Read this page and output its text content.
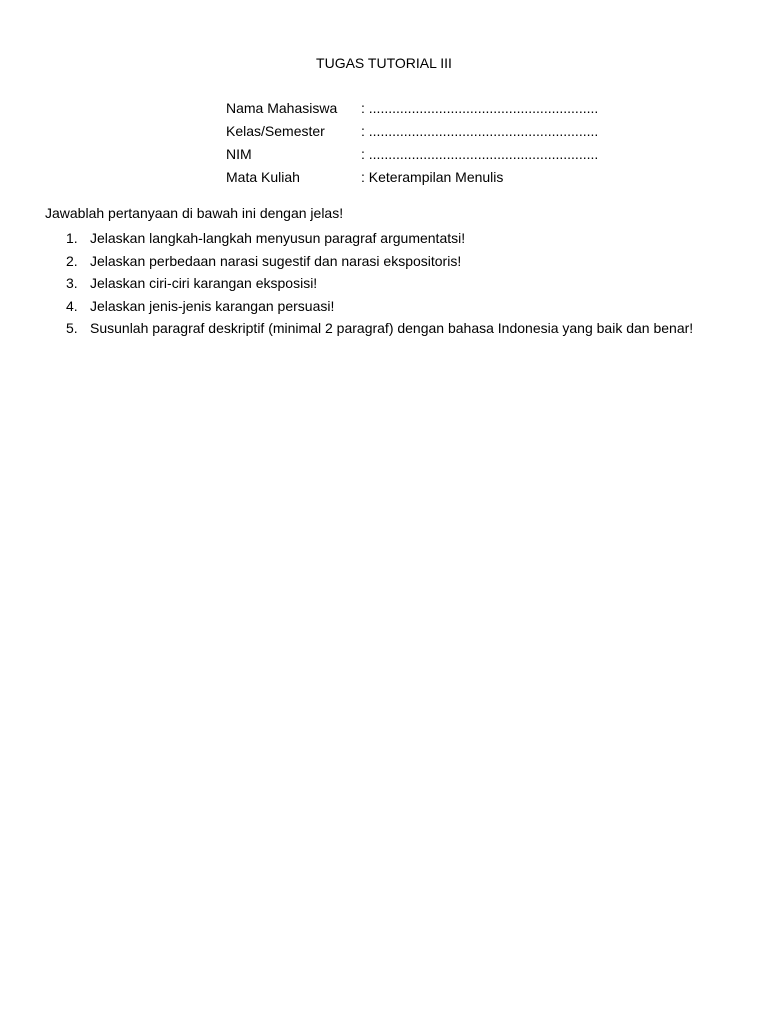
TUGAS TUTORIAL III
Nama Mahasiswa	:
...........................................................
Kelas/Semester	:
...........................................................
NIM	:
...........................................................
Mata Kuliah	:
Keterampilan Menulis
Jawablah pertanyaan di bawah ini dengan jelas!
1. Jelaskan langkah-langkah menyusun paragraf argumentatsi!
2. Jelaskan perbedaan narasi sugestif dan narasi ekspositoris!
3. Jelaskan ciri-ciri karangan eksposisi!
4. Jelaskan jenis-jenis karangan persuasi!
5. Susunlah paragraf deskriptif (minimal 2 paragraf) dengan bahasa Indonesia yang baik dan benar!
